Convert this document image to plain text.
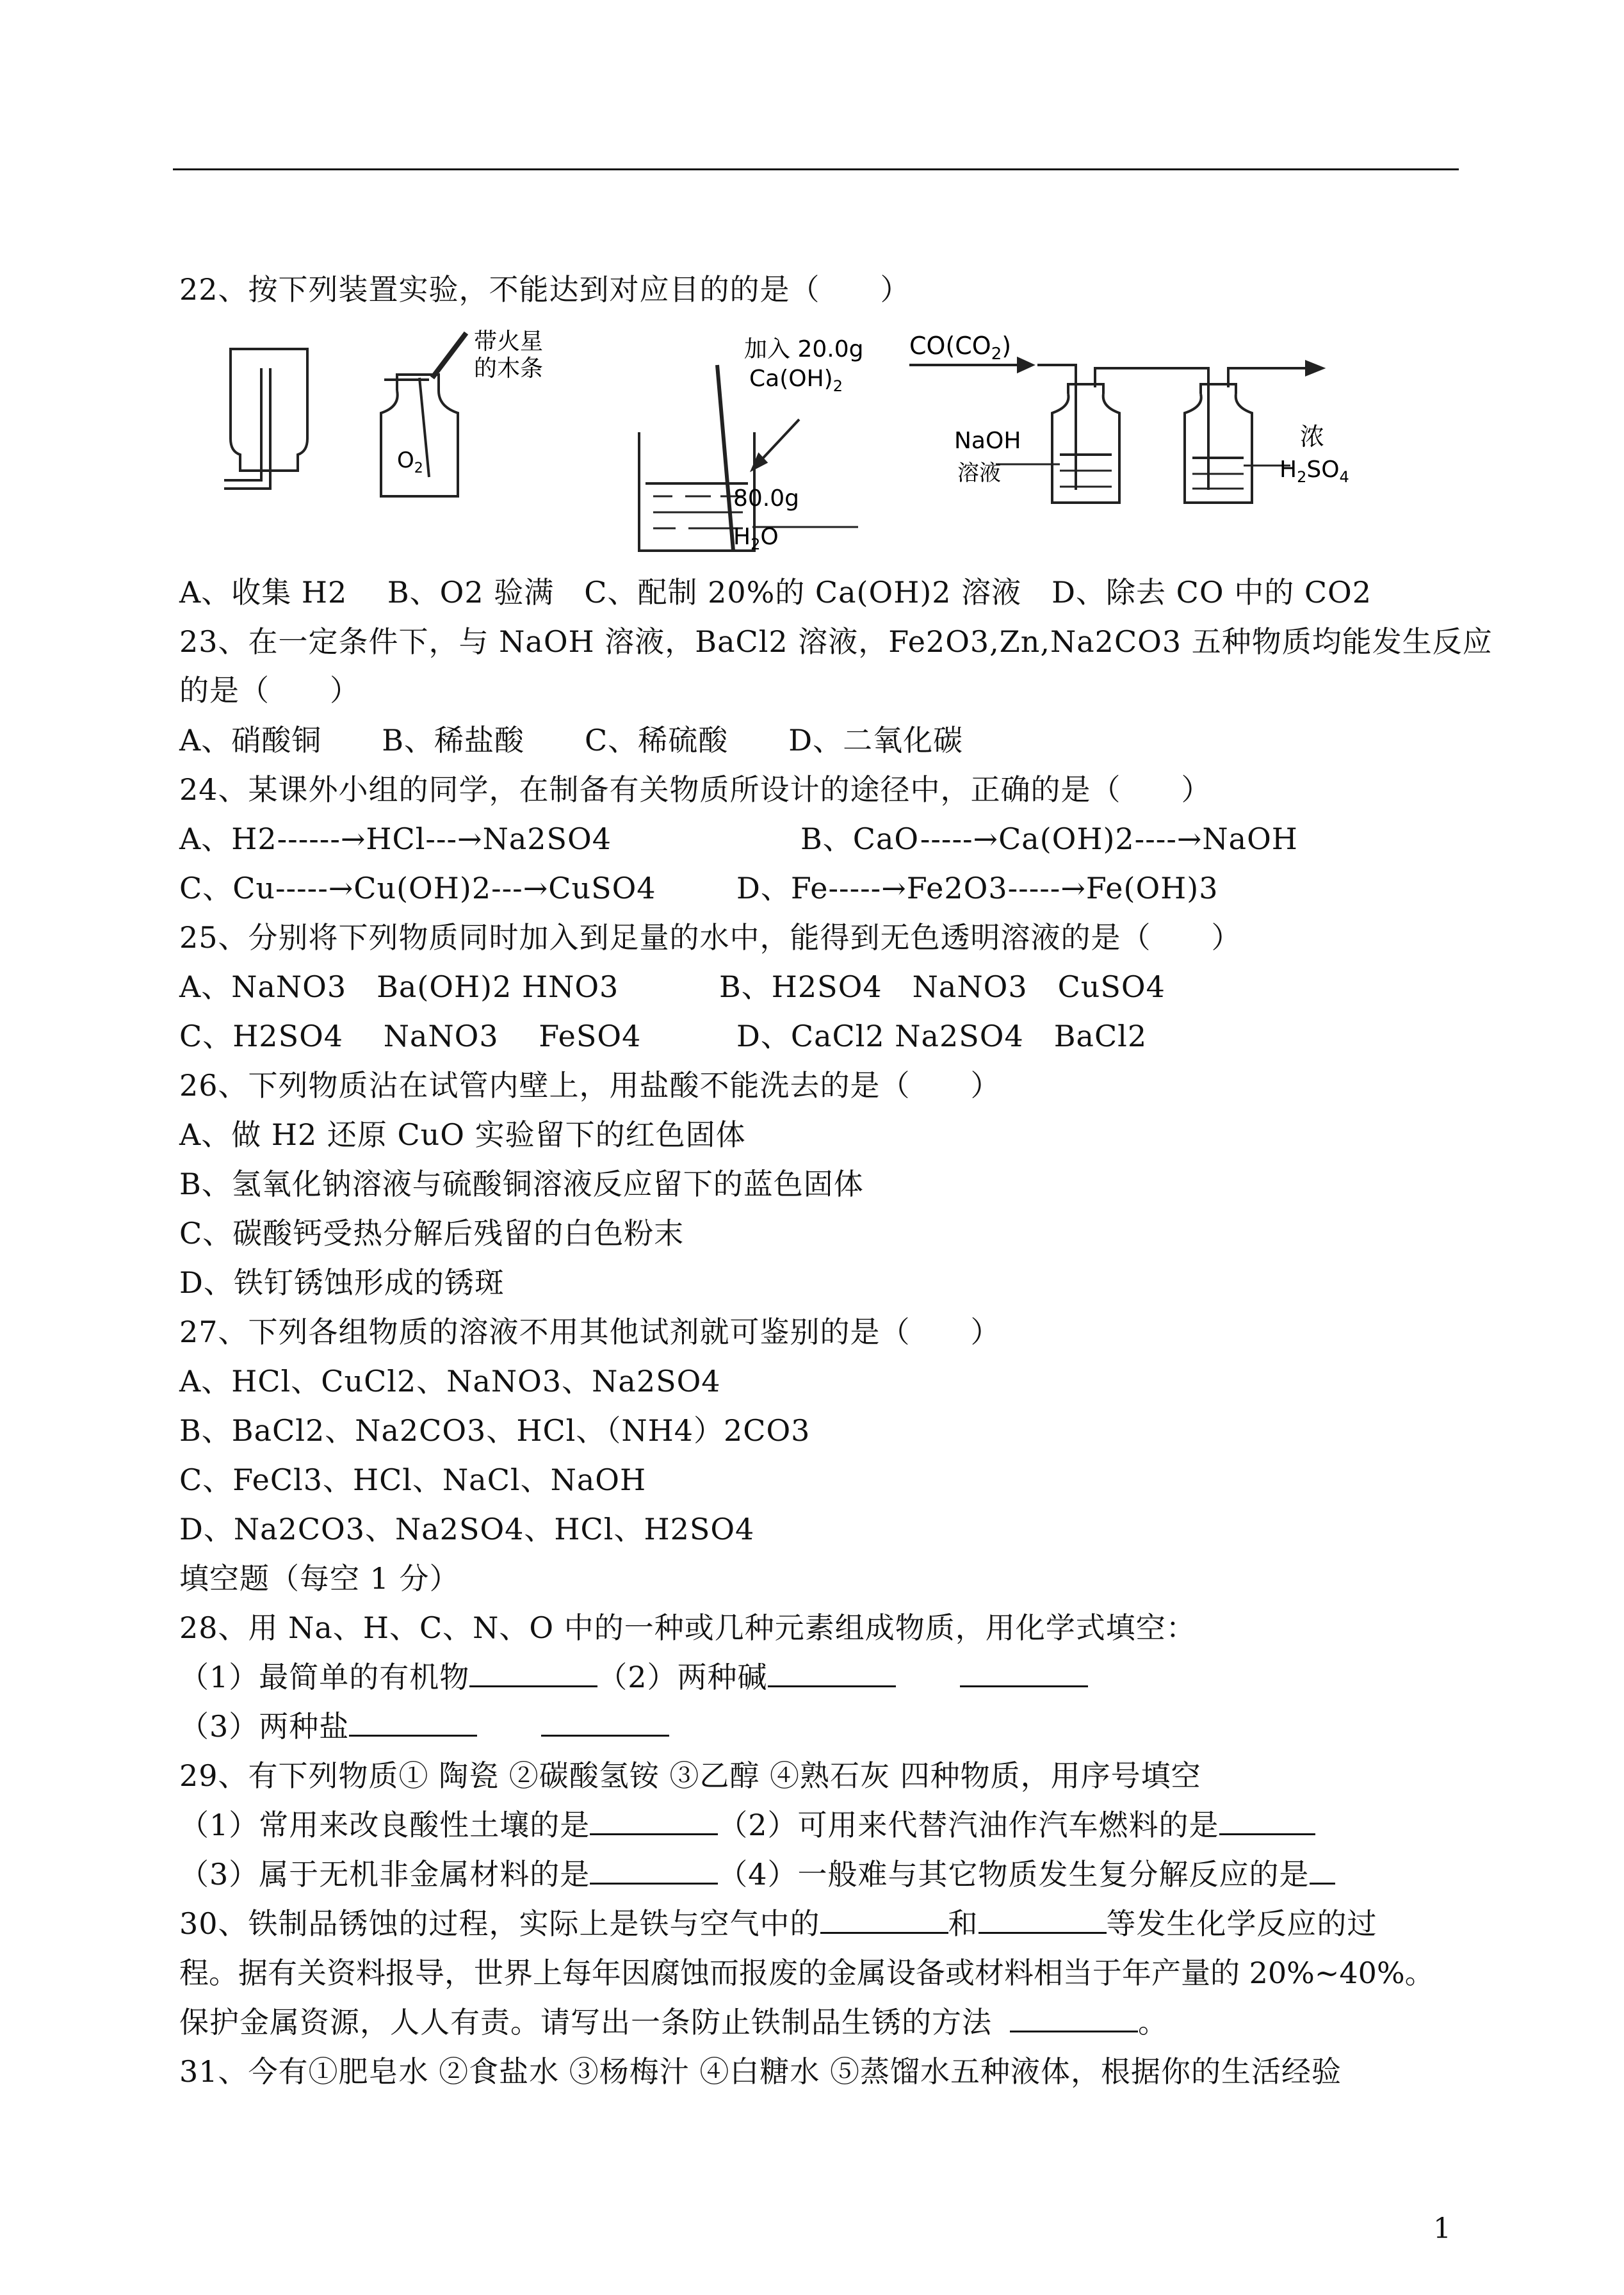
22、按下列装置实验，不能达到对应目的的是（　　）
$O_2$
带火星
的木条
加入 20.0g
$Ca(OH)_2$
80.0g
$H_2O$
$CO(CO_2)$
NaOH
溶液
浓
$H_2SO_4$
A、收集 H2　 B、O2 验满　C、配制 20%的 Ca(OH)2 溶液　D、除去 CO 中的 CO2
23、在一定条件下，与 NaOH 溶液，BaCl2 溶液，Fe2O3,Zn,Na2CO3 五种物质均能发生反应
的是（　　）
A、硝酸铜　　B、稀盐酸　　C、稀硫酸　　D、二氧化碳
24、某课外小组的同学，在制备有关物质所设计的途径中，正确的是（　　）
A、H2------→HCl---→Na2SO4	B、CaO-----→Ca(OH)2----→NaOH
C、Cu-----→Cu(OH)2---→CuSO4	D、Fe-----→Fe2O3-----→Fe(OH)3
25、分别将下列物质同时加入到足量的水中，能得到无色透明溶液的是（　　）
A、NaNO3　Ba(OH)2 HNO3	B、H2SO4　NaNO3　CuSO4
C、H2SO4　 NaNO3　 FeSO4	D、CaCl2 Na2SO4　BaCl2
26、下列物质沾在试管内壁上，用盐酸不能洗去的是（　　）
A、做 H2 还原 CuO 实验留下的红色固体
B、氢氧化钠溶液与硫酸铜溶液反应留下的蓝色固体
C、碳酸钙受热分解后残留的白色粉末
D、铁钉锈蚀形成的锈斑
27、下列各组物质的溶液不用其他试剂就可鉴别的是（　　）
A、HCl、CuCl2、NaNO3、Na2SO4
B、BaCl2、Na2CO3、HCl、（NH4）2CO3
C、FeCl3、HCl、NaCl、NaOH
D、Na2CO3、Na2SO4、HCl、H2SO4
填空题（每空 1 分）
28、用 Na、H、C、N、O 中的一种或几种元素组成物质，用化学式填空：
（1）最简单的有机物	（2）两种碱
（3）两种盐
29、有下列物质① 陶瓷 ②碳酸氢铵 ③乙醇 ④熟石灰 四种物质，用序号填空
（1）常用来改良酸性土壤的是	（2）可用来代替汽油作汽车燃料的是
（3）属于无机非金属材料的是	（4）一般难与其它物质发生复分解反应的是
30、铁制品锈蚀的过程，实际上是铁与空气中的	和	等发生化学反应的过
程。据有关资料报导，世界上每年因腐蚀而报废的金属设备或材料相当于年产量的 20%~40%。
保护金属资源，人人有责。请写出一条防止铁制品生锈的方法	。
31、今有①肥皂水 ②食盐水 ③杨梅汁 ④白糖水 ⑤蒸馏水五种液体，根据你的生活经验
1
